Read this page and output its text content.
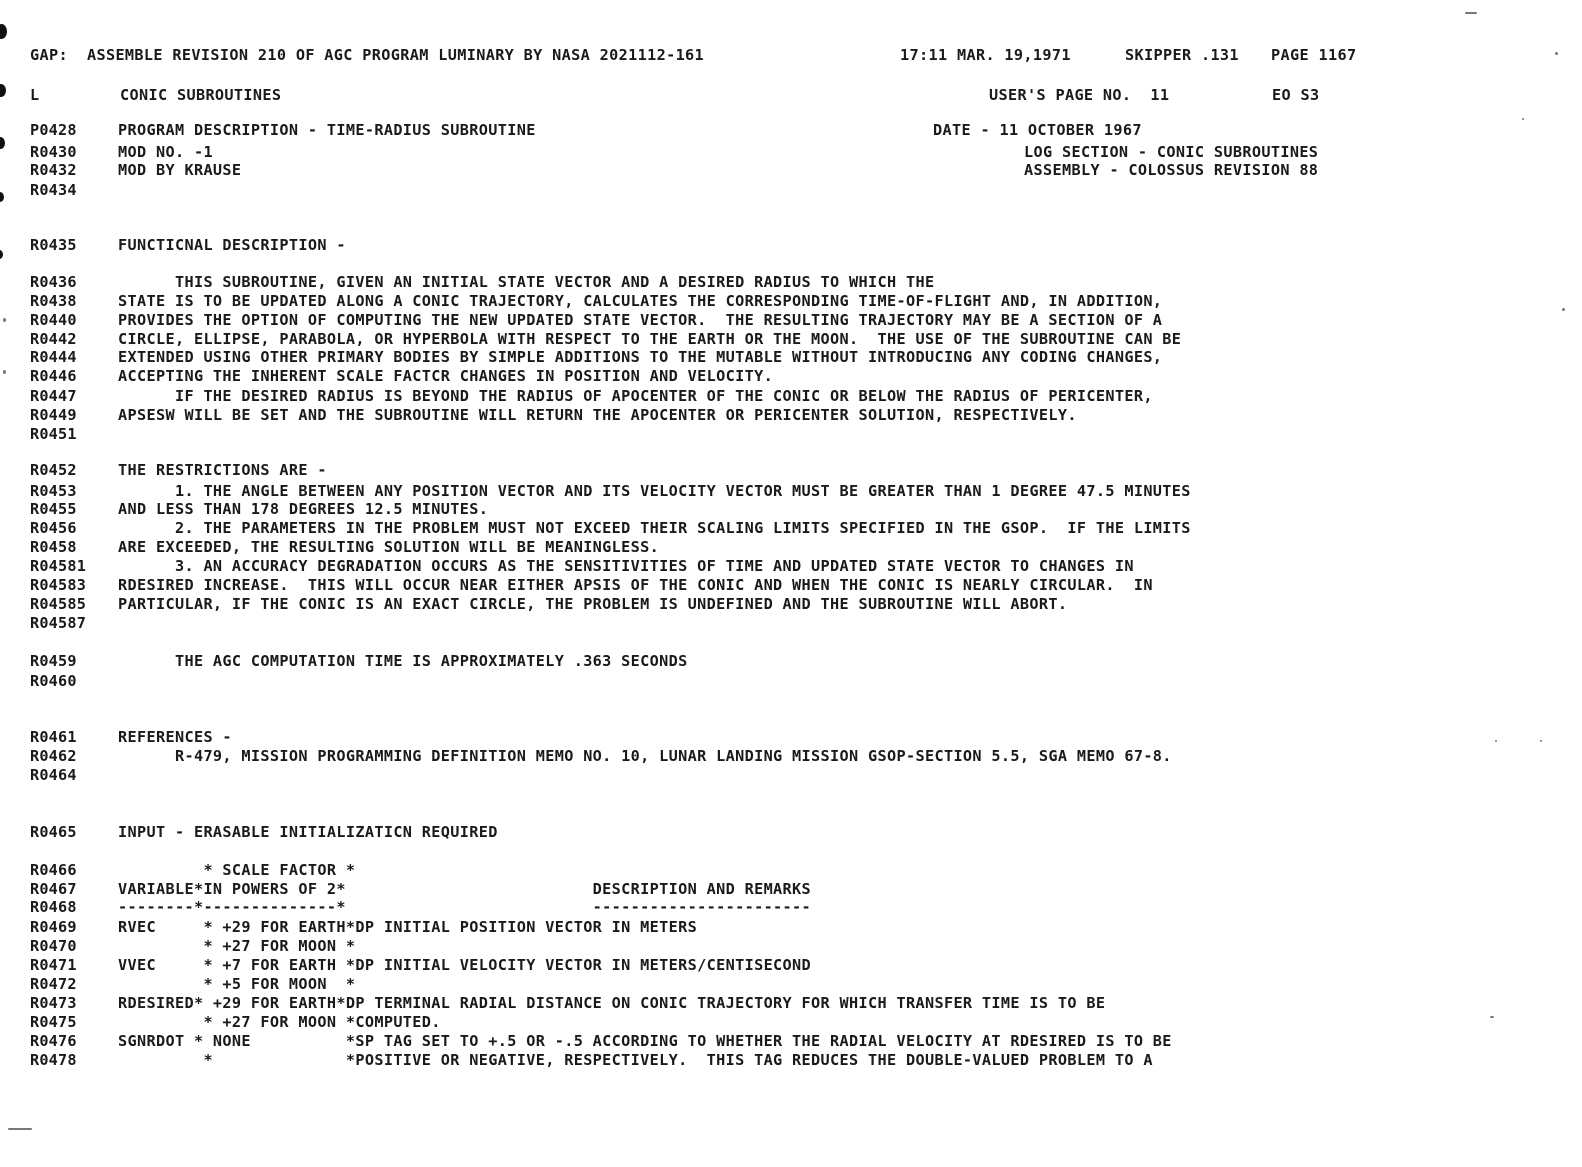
GAP:  ASSEMBLE REVISION 210 OF AGC PROGRAM LUMINARY BY NASA 2021112-161	17:11 MAR. 19,1971	SKIPPER .131 PAGE 1167
L	CONIC SUBROUTINES	USER'S PAGE NO.  11	EO S3
P0428	PROGRAM DESCRIPTION - TIME-RADIUS SUBROUTINE	DATE - 11 OCTOBER 1967
R0430	MOD NO. -1	LOG SECTION - CONIC SUBROUTINES
R0432	MOD BY KRAUSE	ASSEMBLY - COLOSSUS REVISION 88
R0434
R0435	FUNCTICNAL DESCRIPTION -
R0436	THIS SUBROUTINE, GIVEN AN INITIAL STATE VECTOR AND A DESIRED RADIUS TO WHICH THE
R0438	STATE IS TO BE UPDATED ALONG A CONIC TRAJECTORY, CALCULATES THE CORRESPONDING TIME-OF-FLIGHT AND, IN ADDITION,
R0440	PROVIDES THE OPTION OF COMPUTING THE NEW UPDATED STATE VECTOR.  THE RESULTING TRAJECTORY MAY BE A SECTION OF A
R0442	CIRCLE, ELLIPSE, PARABOLA, OR HYPERBOLA WITH RESPECT TO THE EARTH OR THE MOON.  THE USE OF THE SUBROUTINE CAN BE
R0444	EXTENDED USING OTHER PRIMARY BODIES BY SIMPLE ADDITIONS TO THE MUTABLE WITHOUT INTRODUCING ANY CODING CHANGES,
R0446	ACCEPTING THE INHERENT SCALE FACTCR CHANGES IN POSITION AND VELOCITY.
R0447	IF THE DESIRED RADIUS IS BEYOND THE RADIUS OF APOCENTER OF THE CONIC OR BELOW THE RADIUS OF PERICENTER,
R0449	APSESW WILL BE SET AND THE SUBROUTINE WILL RETURN THE APOCENTER OR PERICENTER SOLUTION, RESPECTIVELY.
R0451
R0452	THE RESTRICTIONS ARE -
R0453	1. THE ANGLE BETWEEN ANY POSITION VECTOR AND ITS VELOCITY VECTOR MUST BE GREATER THAN 1 DEGREE 47.5 MINUTES
R0455	AND LESS THAN 178 DEGREES 12.5 MINUTES.
R0456	2. THE PARAMETERS IN THE PROBLEM MUST NOT EXCEED THEIR SCALING LIMITS SPECIFIED IN THE GSOP.  IF THE LIMITS
R0458	ARE EXCEEDED, THE RESULTING SOLUTION WILL BE MEANINGLESS.
R04581 3. AN ACCURACY DEGRADATION OCCURS AS THE SENSITIVITIES OF TIME AND UPDATED STATE VECTOR TO CHANGES IN
R04583 RDESIRED INCREASE.  THIS WILL OCCUR NEAR EITHER APSIS OF THE CONIC AND WHEN THE CONIC IS NEARLY CIRCULAR.  IN
R04585 PARTICULAR, IF THE CONIC IS AN EXACT CIRCLE, THE PROBLEM IS UNDEFINED AND THE SUBROUTINE WILL ABORT.
R04587
R0459	THE AGC COMPUTATION TIME IS APPROXIMATELY .363 SECONDS
R0460
R0461	REFERENCES -
R0462	R-479, MISSION PROGRAMMING DEFINITION MEMO NO. 10, LUNAR LANDING MISSION GSOP-SECTION 5.5, SGA MEMO 67-8.
R0464
R0465	INPUT - ERASABLE INITIALIZATICN REQUIRED
R0466	* SCALE FACTOR *
R0467	VARIABLE*IN POWERS OF 2*                          DESCRIPTION AND REMARKS
R0468	--------*--------------*                          -----------------------
R0469	RVEC     * +29 FOR EARTH*DP INITIAL POSITION VECTOR IN METERS
R0470	* +27 FOR MOON *
R0471	VVEC     * +7 FOR EARTH *DP INITIAL VELOCITY VECTOR IN METERS/CENTISECOND
R0472	* +5 FOR MOON  *
R0473	RDESIRED* +29 FOR EARTH*DP TERMINAL RADIAL DISTANCE ON CONIC TRAJECTORY FOR WHICH TRANSFER TIME IS TO BE
R0475	* +27 FOR MOON *COMPUTED.
R0476	SGNRDOT * NONE          *SP TAG SET TO +.5 OR -.5 ACCORDING TO WHETHER THE RADIAL VELOCITY AT RDESIRED IS TO BE
R0478	*              *POSITIVE OR NEGATIVE, RESPECTIVELY.  THIS TAG REDUCES THE DOUBLE-VALUED PROBLEM TO A
